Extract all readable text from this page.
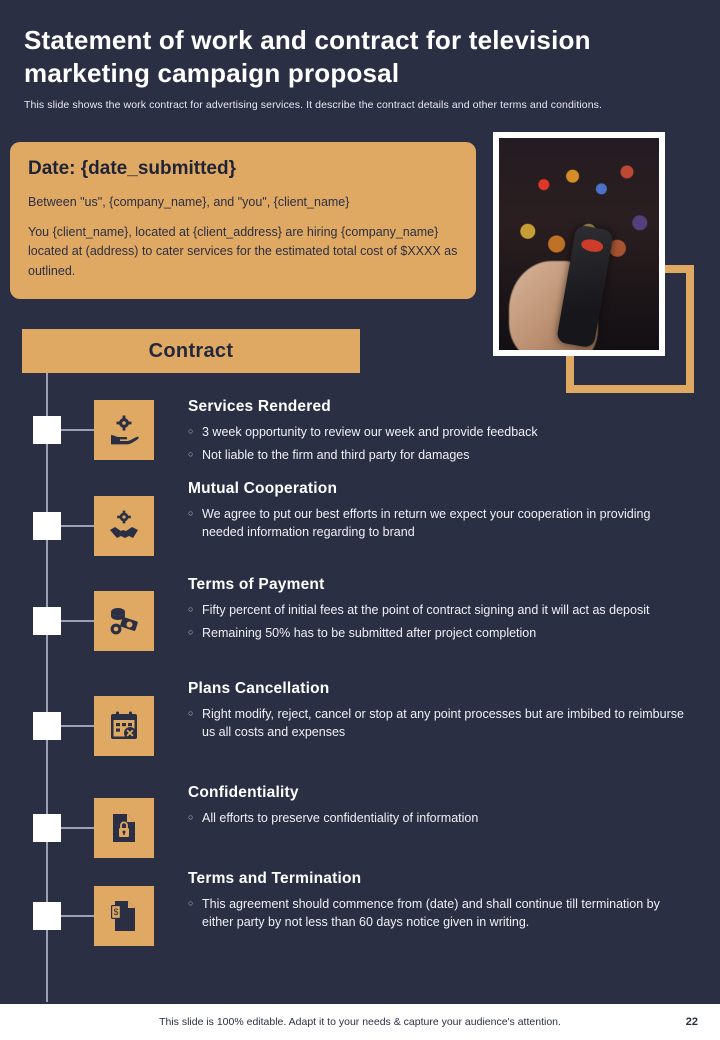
Statement of work and contract for television marketing campaign proposal
This slide shows the work contract for advertising services. It describe the contract details and other terms and conditions.
Date: {date_submitted}
Between "us", {company_name}, and "you", {client_name}
You {client_name}, located at {client_address} are hiring {company_name} located at (address) to cater services for the estimated total cost of $XXXX as outlined.
Contract
Services Rendered
○ 3 week opportunity to review our week and provide feedback
○ Not liable to the firm and third party for damages
Mutual Cooperation
○ We agree to put our best efforts in return we expect your cooperation in providing needed information regarding to brand
Terms of Payment
○ Fifty percent of initial fees at the point of contract signing and it will act as deposit
○ Remaining 50% has to be submitted after project completion
Plans Cancellation
○ Right modify, reject, cancel or stop at any point processes but are imbibed to reimburse us all costs and expenses
Confidentiality
○ All efforts to preserve confidentiality of information
$
Terms and Termination
○ This agreement should commence from (date) and shall continue till termination by either party by not less than 60 days notice given in writing.
This slide is 100% editable. Adapt it to your needs & capture your audience's attention.	22
